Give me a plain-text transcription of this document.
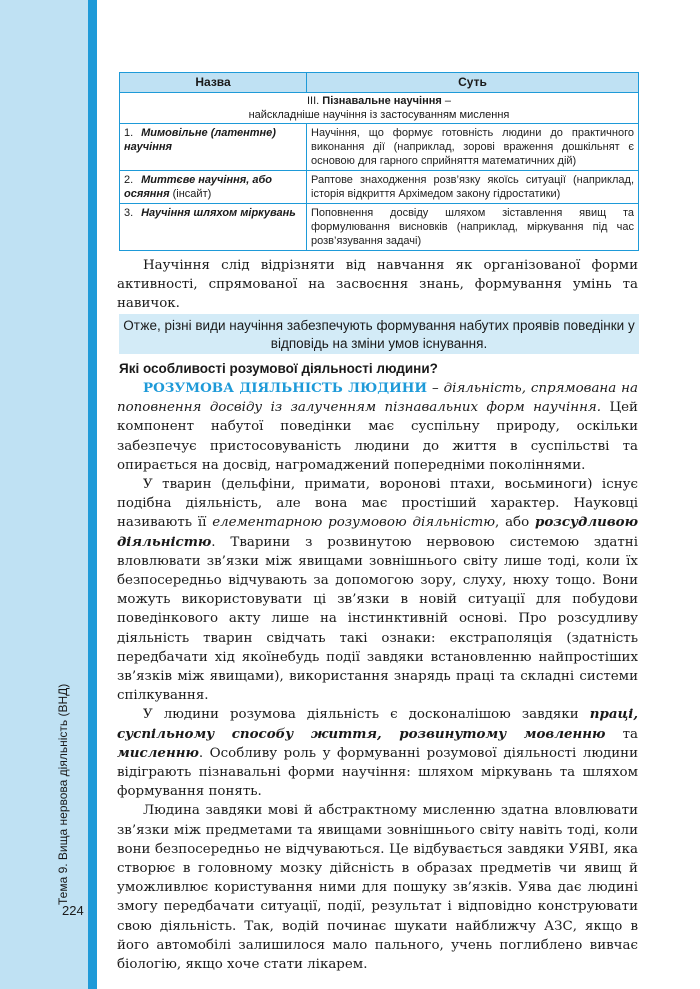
Тема 9. Вища нервова діяльність (ВНД)
224
Назва	Суть
III. Пізнавальне научіння –
найскладніше научіння із застосуванням мислення	
1. Мимовільне (латентне) научіння	Научіння, що формує готовність людини до практичного виконання дії (наприклад, зорові враження дошкільнят є основою для гарного сприйняття математичних дій)
2. Миттєве научіння, або осяяння (інсайт)	Раптове знаходження розв’язку якоїсь ситуації (наприклад, історія відкриття Архімедом закону гідростатики)
3. Научіння шляхом міркувань	Поповнення досвіду шляхом зіставлення явищ та формулювання висновків (наприклад, міркування під час розв’язування задачі)

Научіння слід відрізняти від навчання як організованої форми активності, спрямованої на засвоєння знань, формування умінь та навичок.

Отже, різні види научіння забезпечують формування набутих проявів поведінки у відповідь на зміни умов існування.
Які особливості розумової діяльності людини?

РОЗУМОВА ДІЯЛЬНІСТЬ ЛЮДИНИ – діяльність, спрямована на поповнення досвіду із залученням пізнавальних форм научіння. Цей компонент набутої поведінки має суспільну природу, оскільки забезпечує пристосовуваність людини до життя в суспільстві та опирається на досвід, нагромаджений попередніми поколіннями.

У тварин (дельфіни, примати, воронові птахи, восьминоги) існує подібна діяльність, але вона має простіший характер. Науковці називають її елементарною розумовою діяльністю, або розсудливою діяльністю. Тварини з розвинутою нервовою системою здатні вловлювати зв’язки між явищами зовнішнього світу лише тоді, коли їх безпосередньо відчувають за допомогою зору, слуху, нюху тощо. Вони можуть використовувати ці зв’язки в новій ситуації для побудови поведінкового акту лише на інстинктивній основі. Про розсудливу діяльність тварин свідчать такі ознаки: екстраполяція (здатність передбачати хід якоїнебудь події завдяки встановленню найпростіших зв’язків між явищами), використання знарядь праці та складні системи спілкування.

У людини розумова діяльність є досконалішою завдяки праці, суспільному способу життя, розвинутому мовленню та мисленню. Особливу роль у формуванні розумової діяльності людини відіграють пізнавальні форми научіння: шляхом міркувань та шляхом формування понять.

Людина завдяки мові й абстрактному мисленню здатна вловлювати зв’язки між предметами та явищами зовнішнього світу навіть тоді, коли вони безпосередньо не відчуваються. Це відбувається завдяки УЯВІ, яка створює в головному мозку дійсність в образах предметів чи явищ й уможливлює користування ними для пошуку зв’язків. Уява дає людині змогу передбачати ситуації, події, результат і відповідно конструювати свою діяльність. Так, водій починає шукати найближчу АЗС, якщо в його автомобілі залишилося мало пального, учень поглиблено вивчає біологію, якщо хоче стати лікарем.
